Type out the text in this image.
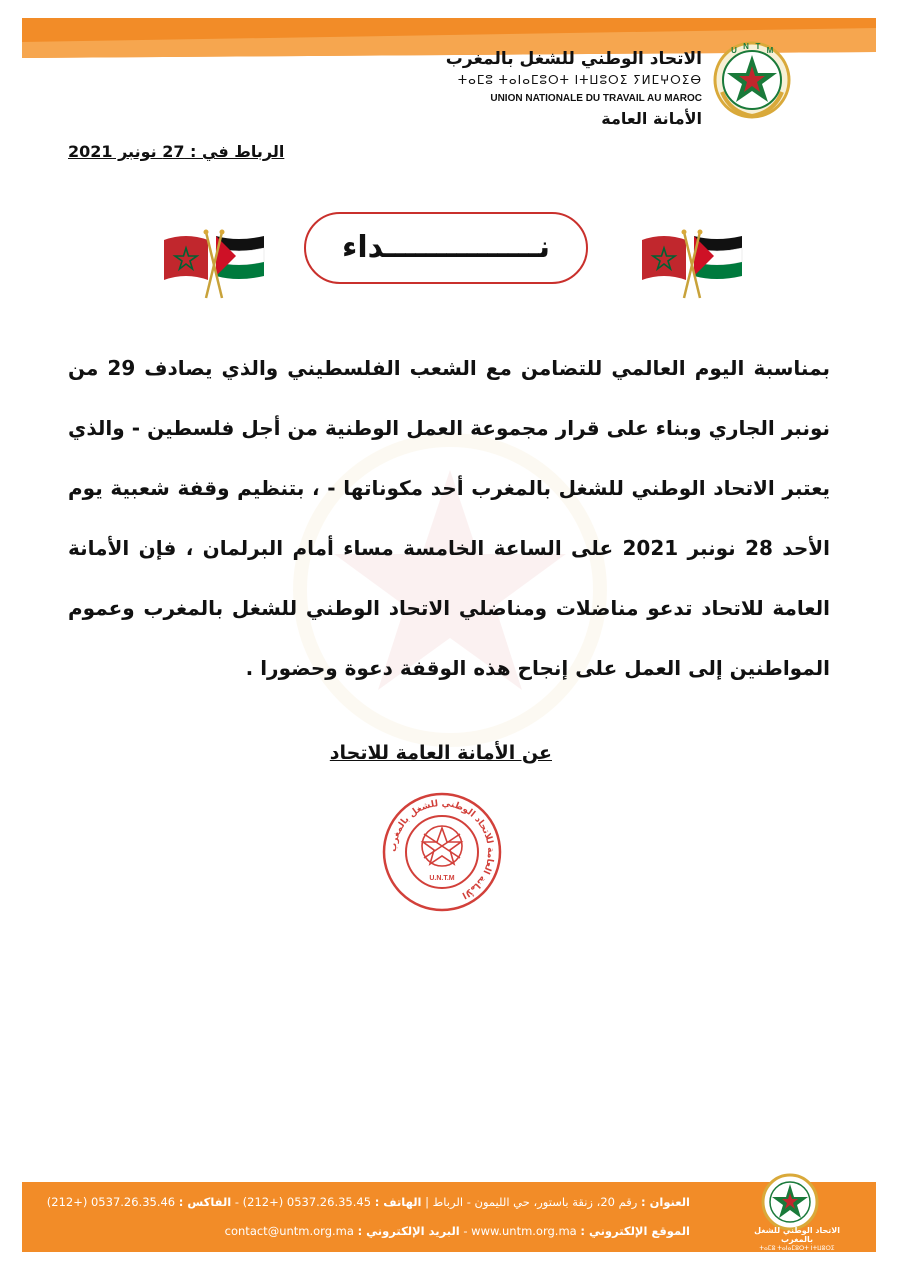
الاتحاد الوطني للشغل بالمغرب
ⵜⴰⵎⵓ ⵜⴰⵏⴰⵎⵓⵔⵜ ⵏⵜⵡⵓⵔⵉ ⵢⵍⵎⵖⵔⵉⴱ
UNION NATIONALE DU TRAVAIL AU MAROC
الأمانة العامة
U N T M
الرباط في : 27 نونبر 2021
نـــــــــــــــداء
بمناسبة اليوم العالمي للتضامن مع الشعب الفلسطيني والذي يصادف 29 من نونبر الجاري وبناء على قرار مجموعة العمل الوطنية من أجل فلسطين - والذي يعتبر الاتحاد الوطني للشغل بالمغرب أحد مكوناتها - ، بتنظيم وقفة شعبية يوم الأحد 28 نونبر 2021 على الساعة الخامسة مساء أمام البرلمان ، فإن الأمانة العامة للاتحاد تدعو مناضلات ومناضلي الاتحاد الوطني للشغل بالمغرب وعموم المواطنين إلى العمل على إنجاح هذه الوقفة دعوة وحضورا .
عن الأمانة العامة للاتحاد
الأمانة العامة للاتحاد الوطني للشغل بالمغرب
U.N.T.M
العنوان : رقم 20، زنقة باستور، حي الليمون - الرباط | الهاتف : (212+) 0537.26.35.45 - الفاكس : (212+) 0537.26.35.46
الموقع الإلكتروني : www.untm.org.ma - البريد الإلكتروني : contact@untm.org.ma	الاتحاد الوطني للشغل بالمغرب
ⵜⴰⵎⵓ ⵜⴰⵏⴰⵎⵓⵔⵜ ⵏⵜⵡⵓⵔⵉ
UNION NATIONALE DU TRAVAIL AU MAROC
